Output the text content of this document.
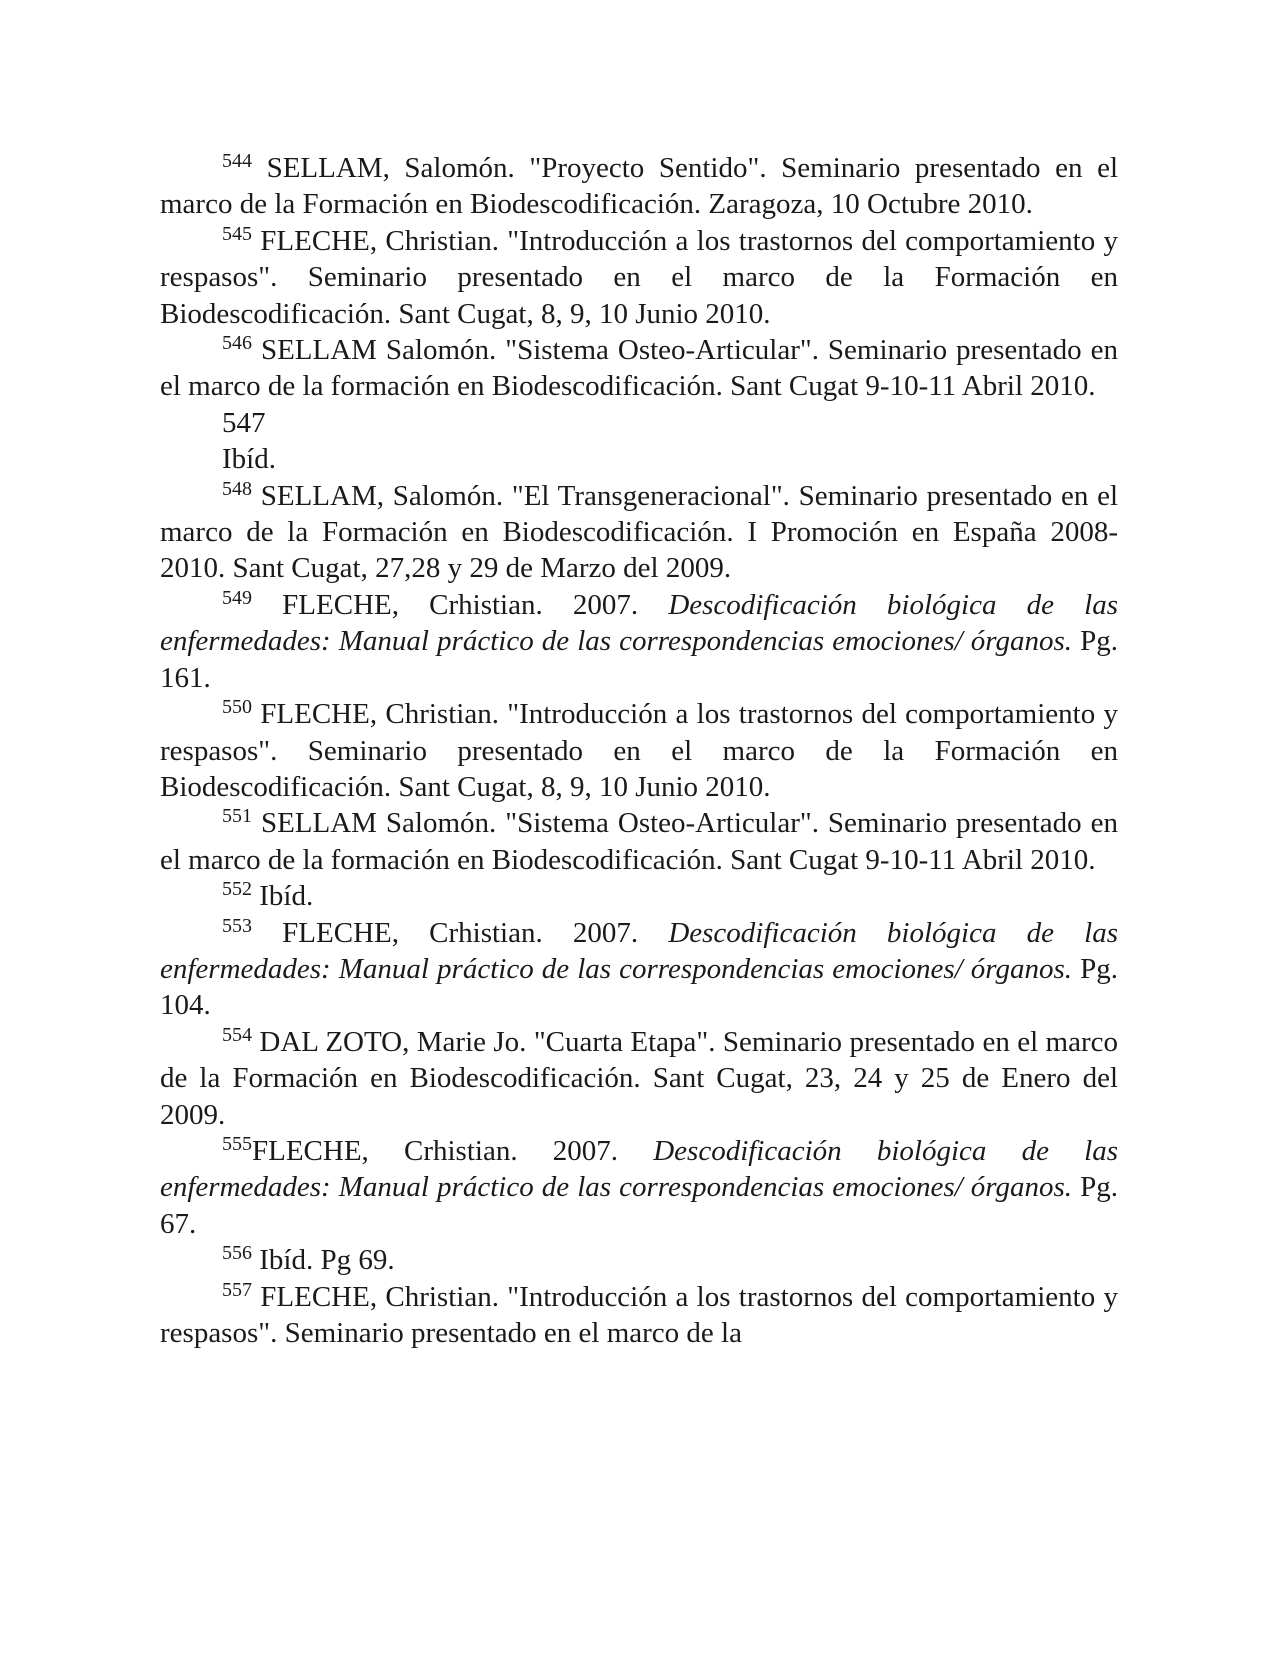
$^{544}$ SELLAM, Salomón. "Proyecto Sentido". Seminario presentado en el marco de la Formación en Biodescodificación. Zaragoza, 10 Octubre 2010.

$^{545}$ FLECHE, Christian. "Introducción a los trastornos del comportamiento y respasos". Seminario presentado en el marco de la Formación en Biodescodificación. Sant Cugat, 8, 9, 10 Junio 2010.

$^{546}$ SELLAM Salomón. "Sistema Osteo-Articular". Seminario presentado en el marco de la formación en Biodescodificación. Sant Cugat 9-10-11 Abril 2010.

547

Ibíd.

$^{548}$ SELLAM, Salomón. "El Transgeneracional". Seminario presentado en el marco de la Formación en Biodescodificación. I Promoción en España 2008-2010. Sant Cugat, 27,28 y 29 de Marzo del 2009.

$^{549}$ FLECHE, Crhistian. 2007. Descodificación biológica de las enfermedades: Manual práctico de las correspondencias emociones/ órganos. Pg. 161.

$^{550}$ FLECHE, Christian. "Introducción a los trastornos del comportamiento y respasos". Seminario presentado en el marco de la Formación en Biodescodificación. Sant Cugat, 8, 9, 10 Junio 2010.

$^{551}$ SELLAM Salomón. "Sistema Osteo-Articular". Seminario presentado en el marco de la formación en Biodescodificación. Sant Cugat 9-10-11 Abril 2010.

$^{552}$ Ibíd.

$^{553}$ FLECHE, Crhistian. 2007. Descodificación biológica de las enfermedades: Manual práctico de las correspondencias emociones/ órganos. Pg. 104.

$^{554}$ DAL ZOTO, Marie Jo. "Cuarta Etapa". Seminario presentado en el marco de la Formación en Biodescodificación. Sant Cugat, 23, 24 y 25 de Enero del 2009.

$^{555}$FLECHE, Crhistian. 2007. Descodificación biológica de las enfermedades: Manual práctico de las correspondencias emociones/ órganos. Pg. 67.

$^{556}$ Ibíd. Pg 69.

$^{557}$ FLECHE, Christian. "Introducción a los trastornos del comportamiento y respasos". Seminario presentado en el marco de la
